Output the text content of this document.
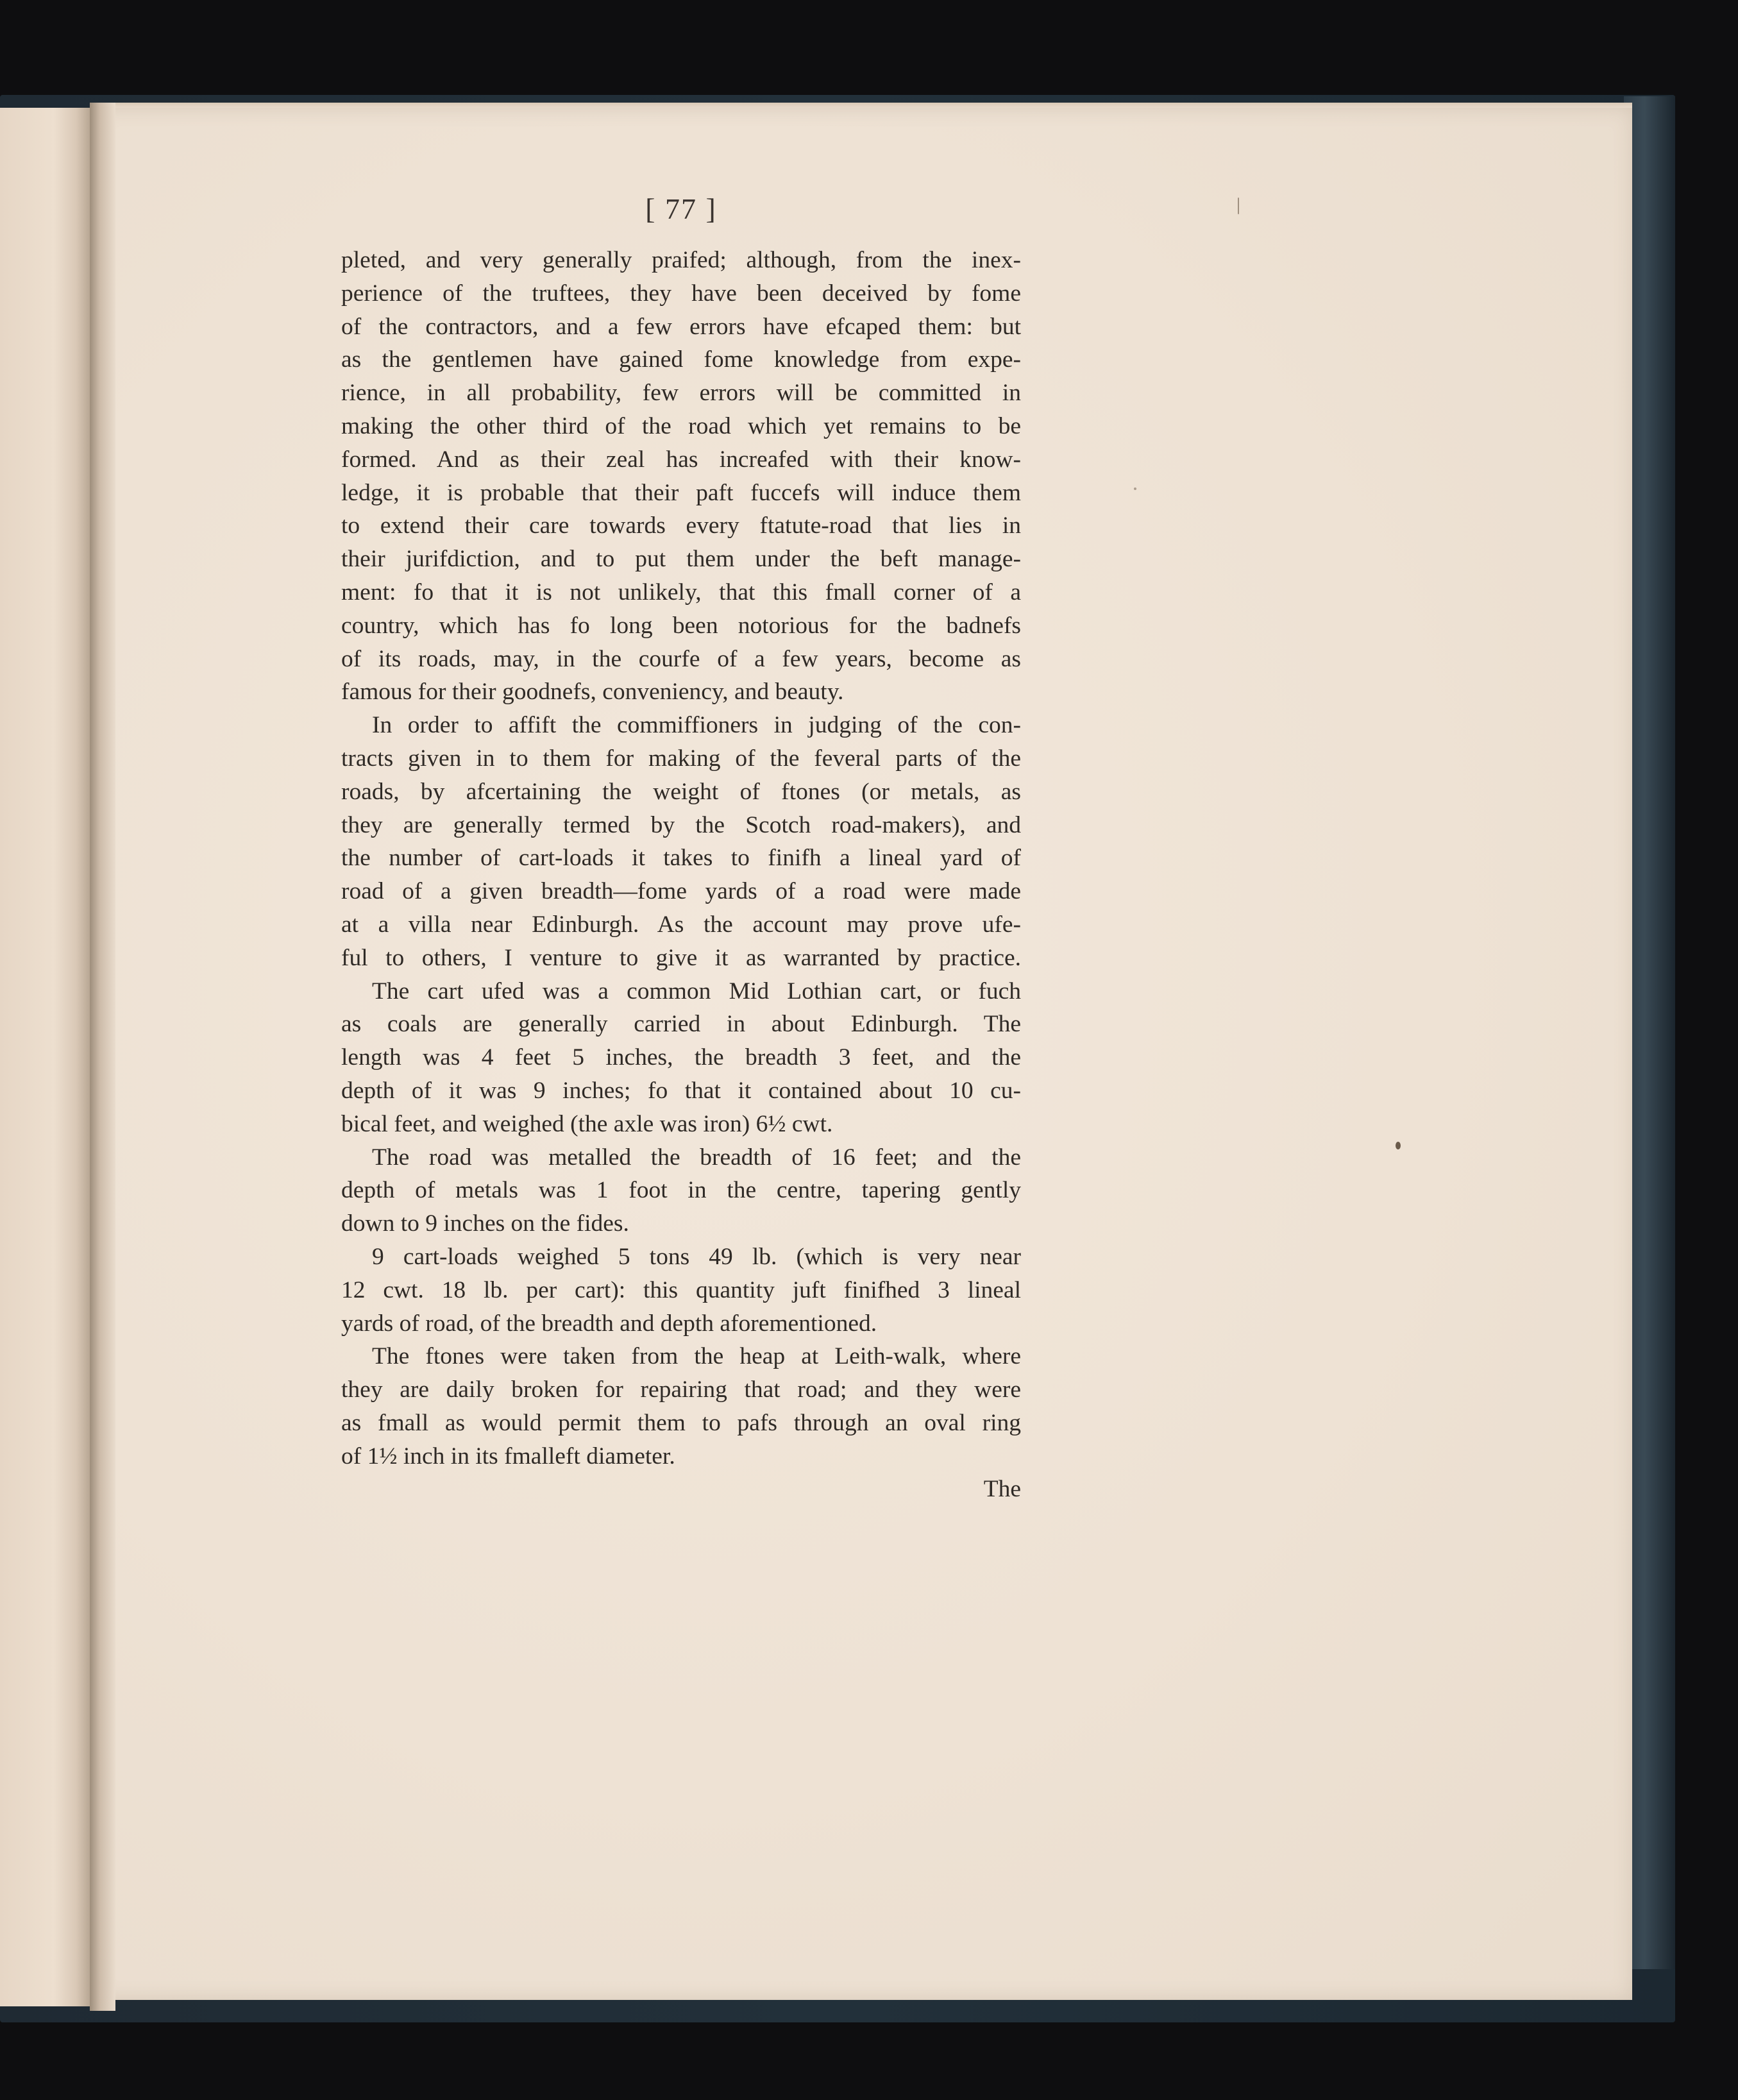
[ 77 ]
pleted, and very generally praifed; although, from the inex-
perience of the truftees, they have been deceived by fome
of the contractors, and a few errors have efcaped them: but
as the gentlemen have gained fome knowledge from expe-
rience, in all probability, few errors will be committed in
making the other third of the road which yet remains to be
formed. And as their zeal has increafed with their know-
ledge, it is probable that their paft fuccefs will induce them
to extend their care towards every ftatute-road that lies in
their jurifdiction, and to put them under the beft manage-
ment: fo that it is not unlikely, that this fmall corner of a
country, which has fo long been notorious for the badnefs
of its roads, may, in the courfe of a few years, become as
famous for their goodnefs, conveniency, and beauty.
In order to affift the commiffioners in judging of the con-
tracts given in to them for making of the feveral parts of the
roads, by afcertaining the weight of ftones (or metals, as
they are generally termed by the Scotch road-makers), and
the number of cart-loads it takes to finifh a lineal yard of
road of a given breadth—fome yards of a road were made
at a villa near Edinburgh. As the account may prove ufe-
ful to others, I venture to give it as warranted by practice.
The cart ufed was a common Mid Lothian cart, or fuch
as coals are generally carried in about Edinburgh. The
length was 4 feet 5 inches, the breadth 3 feet, and the
depth of it was 9 inches; fo that it contained about 10 cu-
bical feet, and weighed (the axle was iron) 6½ cwt.
The road was metalled the breadth of 16 feet; and the
depth of metals was 1 foot in the centre, tapering gently
down to 9 inches on the fides.
9 cart-loads weighed 5 tons 49 lb. (which is very near
12 cwt. 18 lb. per cart): this quantity juft finifhed 3 lineal
yards of road, of the breadth and depth aforementioned.
The ftones were taken from the heap at Leith-walk, where
they are daily broken for repairing that road; and they were
as fmall as would permit them to pafs through an oval ring
of 1½ inch in its fmalleft diameter.
The
